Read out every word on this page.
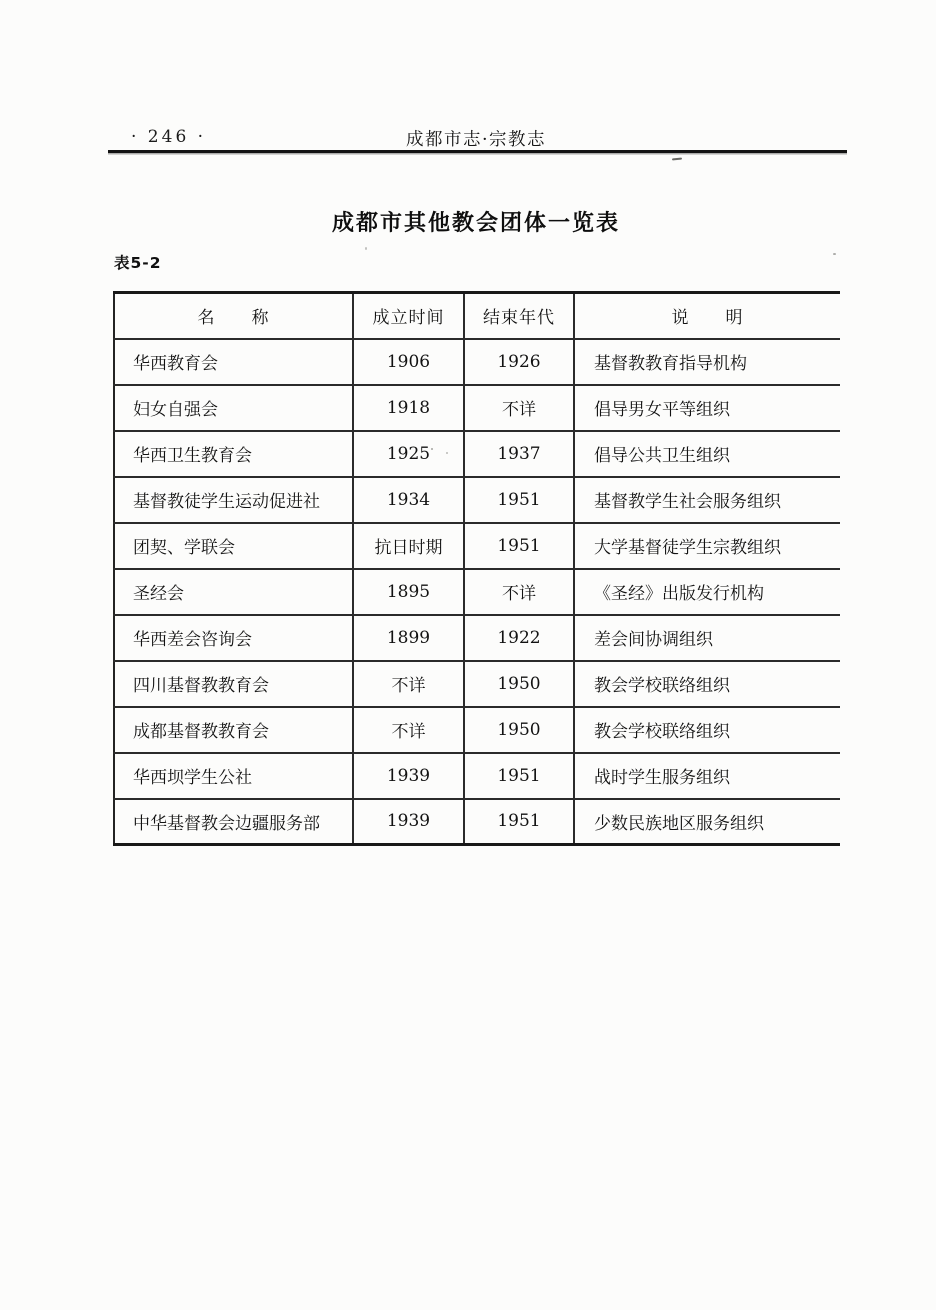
· 246 ·	成都市志·宗教志
成都市其他教会团体一览表
表5-2
名　　称	成立时间	结束年代	说　　明
华西教育会	1906	1926	基督教教育指导机构
妇女自强会	1918	不详	倡导男女平等组织
华西卫生教育会	1925	1937	倡导公共卫生组织
基督教徒学生运动促进社	1934	1951	基督教学生社会服务组织
团契、学联会	抗日时期	1951	大学基督徒学生宗教组织
圣经会	1895	不详	《圣经》出版发行机构
华西差会咨询会	1899	1922	差会间协调组织
四川基督教教育会	不详	1950	教会学校联络组织
成都基督教教育会	不详	1950	教会学校联络组织
华西坝学生公社	1939	1951	战时学生服务组织
中华基督教会边疆服务部	1939	1951	少数民族地区服务组织
